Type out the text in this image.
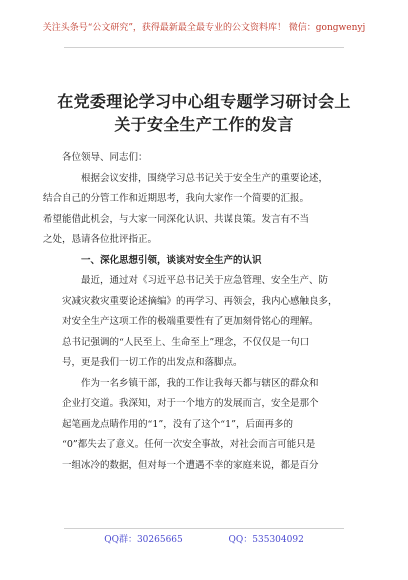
关注头条号“公文研究”，获得最新最全最专业的公文资料库！ 微信：gongwenyj
在党委理论学习中心组专题学习研讨会上
关于安全生产工作的发言

各位领导、同志们：

根据会议安排，围绕学习总书记关于安全生产的重要论述，
结合自己的分管工作和近期思考，我向大家作一个简要的汇报。
希望能借此机会，与大家一同深化认识、共谋良策。发言有不当
之处，恳请各位批评指正。

一、深化思想引领，谈谈对安全生产的认识

最近，通过对《习近平总书记关于应急管理、安全生产、防
灾减灾救灾重要论述摘编》的再学习、再领会，我内心感触良多，
对安全生产这项工作的极端重要性有了更加刻骨铭心的理解。
总书记强调的“人民至上、生命至上”理念，不仅仅是一句口
号，更是我们一切工作的出发点和落脚点。

作为一名乡镇干部，我的工作让我每天都与辖区的群众和
企业打交道。我深知，对于一个地方的发展而言，安全是那个
起笔画龙点睛作用的“1”，没有了这个“1”，后面再多的
“0”都失去了意义。任何一次安全事故，对社会而言可能只是
一组冰冷的数据，但对每一个遭遇不幸的家庭来说，都是百分

QQ群：30265665	QQ：535304092
